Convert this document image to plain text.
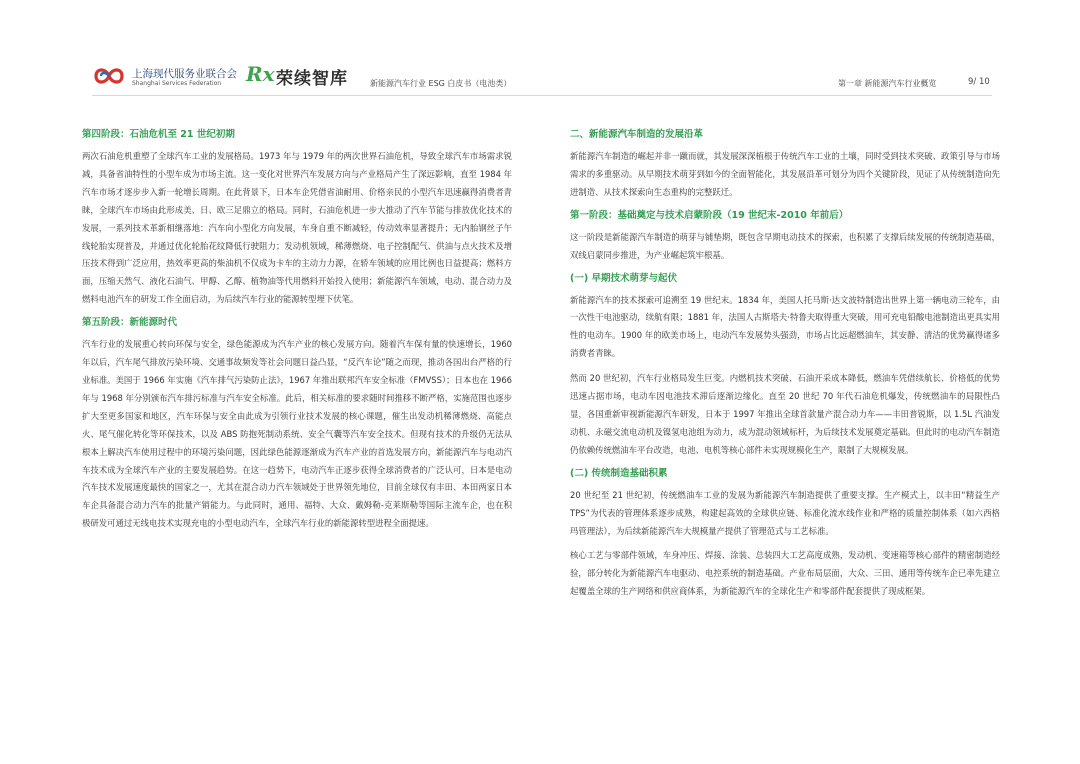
上海现代服务业联合会
Shanghai Services Federation Rx 荣续智库	新能源汽车行业 ESG 白皮书（电池类）	第一章 新能源汽车行业概览	9/ 10
第四阶段：石油危机至 21 世纪初期
两次石油危机重塑了全球汽车工业的发展格局。1973 年与 1979 年的两次世界石油危机，导致全球汽车市场需求锐减，具备省油特性的小型车成为市场主流。这一变化对世界汽车发展方向与产业格局产生了深远影响，直至 1984 年汽车市场才逐步步入新一轮增长周期。在此背景下，日本车企凭借省油耐用、价格亲民的小型汽车迅速赢得消费者青睐，全球汽车市场由此形成美、日、欧三足鼎立的格局。同时，石油危机进一步大推动了汽车节能与排放优化技术的发展，一系列技术革新相继落地：汽车向小型化方向发展，车身自重不断减轻，传动效率显著提升；无内胎钢丝子午线轮胎实现普及，并通过优化轮胎花纹降低行驶阻力；发动机领域，稀薄燃烧、电子控制配气、供油与点火技术及增压技术得到广泛应用，热效率更高的柴油机不仅成为卡车的主动力力源，在轿车领域的应用比例也日益提高；燃料方面，压缩天然气、液化石油气、甲醇、乙醇、植物油等代用燃料开始投入使用；新能源汽车领域，电动、混合动力及燃料电池汽车的研发工作全面启动，为后续汽车行业的能源转型埋下伏笔。
第五阶段：新能源时代
汽车行业的发展重心转向环保与安全，绿色能源成为汽车产业的核心发展方向。随着汽车保有量的快速增长，1960 年以后，汽车尾气排放污染环境、交通事故频发等社会问题日益凸显，“反汽车论”随之而现，推动各国出台严格的行业标准。美国于 1966 年实施《汽车排气污染防止法》，1967 年推出联邦汽车安全标准（FMVSS）；日本也在 1966 年与 1968 年分别颁布汽车排污标准与汽车安全标准。此后，相关标准的要求随时间推移不断严格，实施范围也逐步扩大至更多国家和地区，汽车环保与安全由此成为引领行业技术发展的核心课题，催生出发动机稀薄燃烧、高能点火、尾气催化转化等环保技术，以及 ABS 防抱死制动系统、安全气囊等汽车安全技术。但现有技术的升级仍无法从根本上解决汽车使用过程中的环境污染问题，因此绿色能源逐渐成为汽车产业的首选发展方向，新能源汽车与电动汽车技术成为全球汽车产业的主要发展趋势。在这一趋势下，电动汽车正逐步获得全球消费者的广泛认可，日本是电动汽车技术发展速度最快的国家之一，尤其在混合动力汽车领域处于世界领先地位，目前全球仅有丰田、本田两家日本车企具备混合动力汽车的批量产销能力。与此同时，通用、福特、大众、戴姆勒-克莱斯勒等国际主流车企，也在积极研发可通过无线电技术实现充电的小型电动汽车，全球汽车行业的新能源转型进程全面提速。
二、新能源汽车制造的发展沿革
新能源汽车制造的崛起并非一蹴而就，其发展深深植根于传统汽车工业的土壤，同时受到技术突破、政策引导与市场需求的多重驱动。从早期技术萌芽到如今的全面智能化，其发展沿革可划分为四个关键阶段，见证了从传统制造向先进制造、从技术探索向生态重构的完整跃迁。
第一阶段：基础奠定与技术启蒙阶段（19 世纪末-2010 年前后）
这一阶段是新能源汽车制造的萌芽与铺垫期，既包含早期电动技术的探索，也积累了支撑后续发展的传统制造基础，双线启蒙同步推进，为产业崛起筑牢根基。
(一) 早期技术萌芽与起伏
新能源汽车的技术探索可追溯至 19 世纪末。1834 年，美国人托马斯·达文波特制造出世界上第一辆电动三轮车，由一次性干电池驱动，续航有限；1881 年，法国人古斯塔夫·特鲁夫取得重大突破，用可充电铅酸电池制造出更具实用性的电动车。1900 年的欧美市场上，电动汽车发展势头强劲，市场占比远超燃油车，其安静、清洁的优势赢得诸多消费者青睐。
然而 20 世纪初，汽车行业格局发生巨变。内燃机技术突破、石油开采成本降低，燃油车凭借续航长、价格低的优势迅速占据市场，电动车因电池技术滞后逐渐边缘化。直至 20 世纪 70 年代石油危机爆发，传统燃油车的局限性凸显，各国重新审视新能源汽车研发，日本于 1997 年推出全球首款量产混合动力车——丰田普锐斯，以 1.5L 汽油发动机、永磁交流电动机及镍氢电池组为动力，成为混动领域标杆，为后续技术发展奠定基础。但此时的电动汽车制造仍依赖传统燃油车平台改造，电池、电机等核心部件未实现规模化生产，限制了大规模发展。
(二) 传统制造基础积累
20 世纪至 21 世纪初，传统燃油车工业的发展为新能源汽车制造提供了重要支撑。生产模式上，以丰田“精益生产 TPS”为代表的管理体系逐步成熟，构建起高效的全球供应链、标准化流水线作业和严格的质量控制体系（如六西格玛管理法），为后续新能源汽车大规模量产提供了管理范式与工艺标准。
核心工艺与零部件领域，车身冲压、焊接、涂装、总装四大工艺高度成熟，发动机、变速箱等核心部件的精密制造经验，部分转化为新能源汽车电驱动、电控系统的制造基础。产业布局层面，大众、三田、通用等传统车企已率先建立起覆盖全球的生产网络和供应商体系，为新能源汽车的全球化生产和零部件配套提供了现成框架。
